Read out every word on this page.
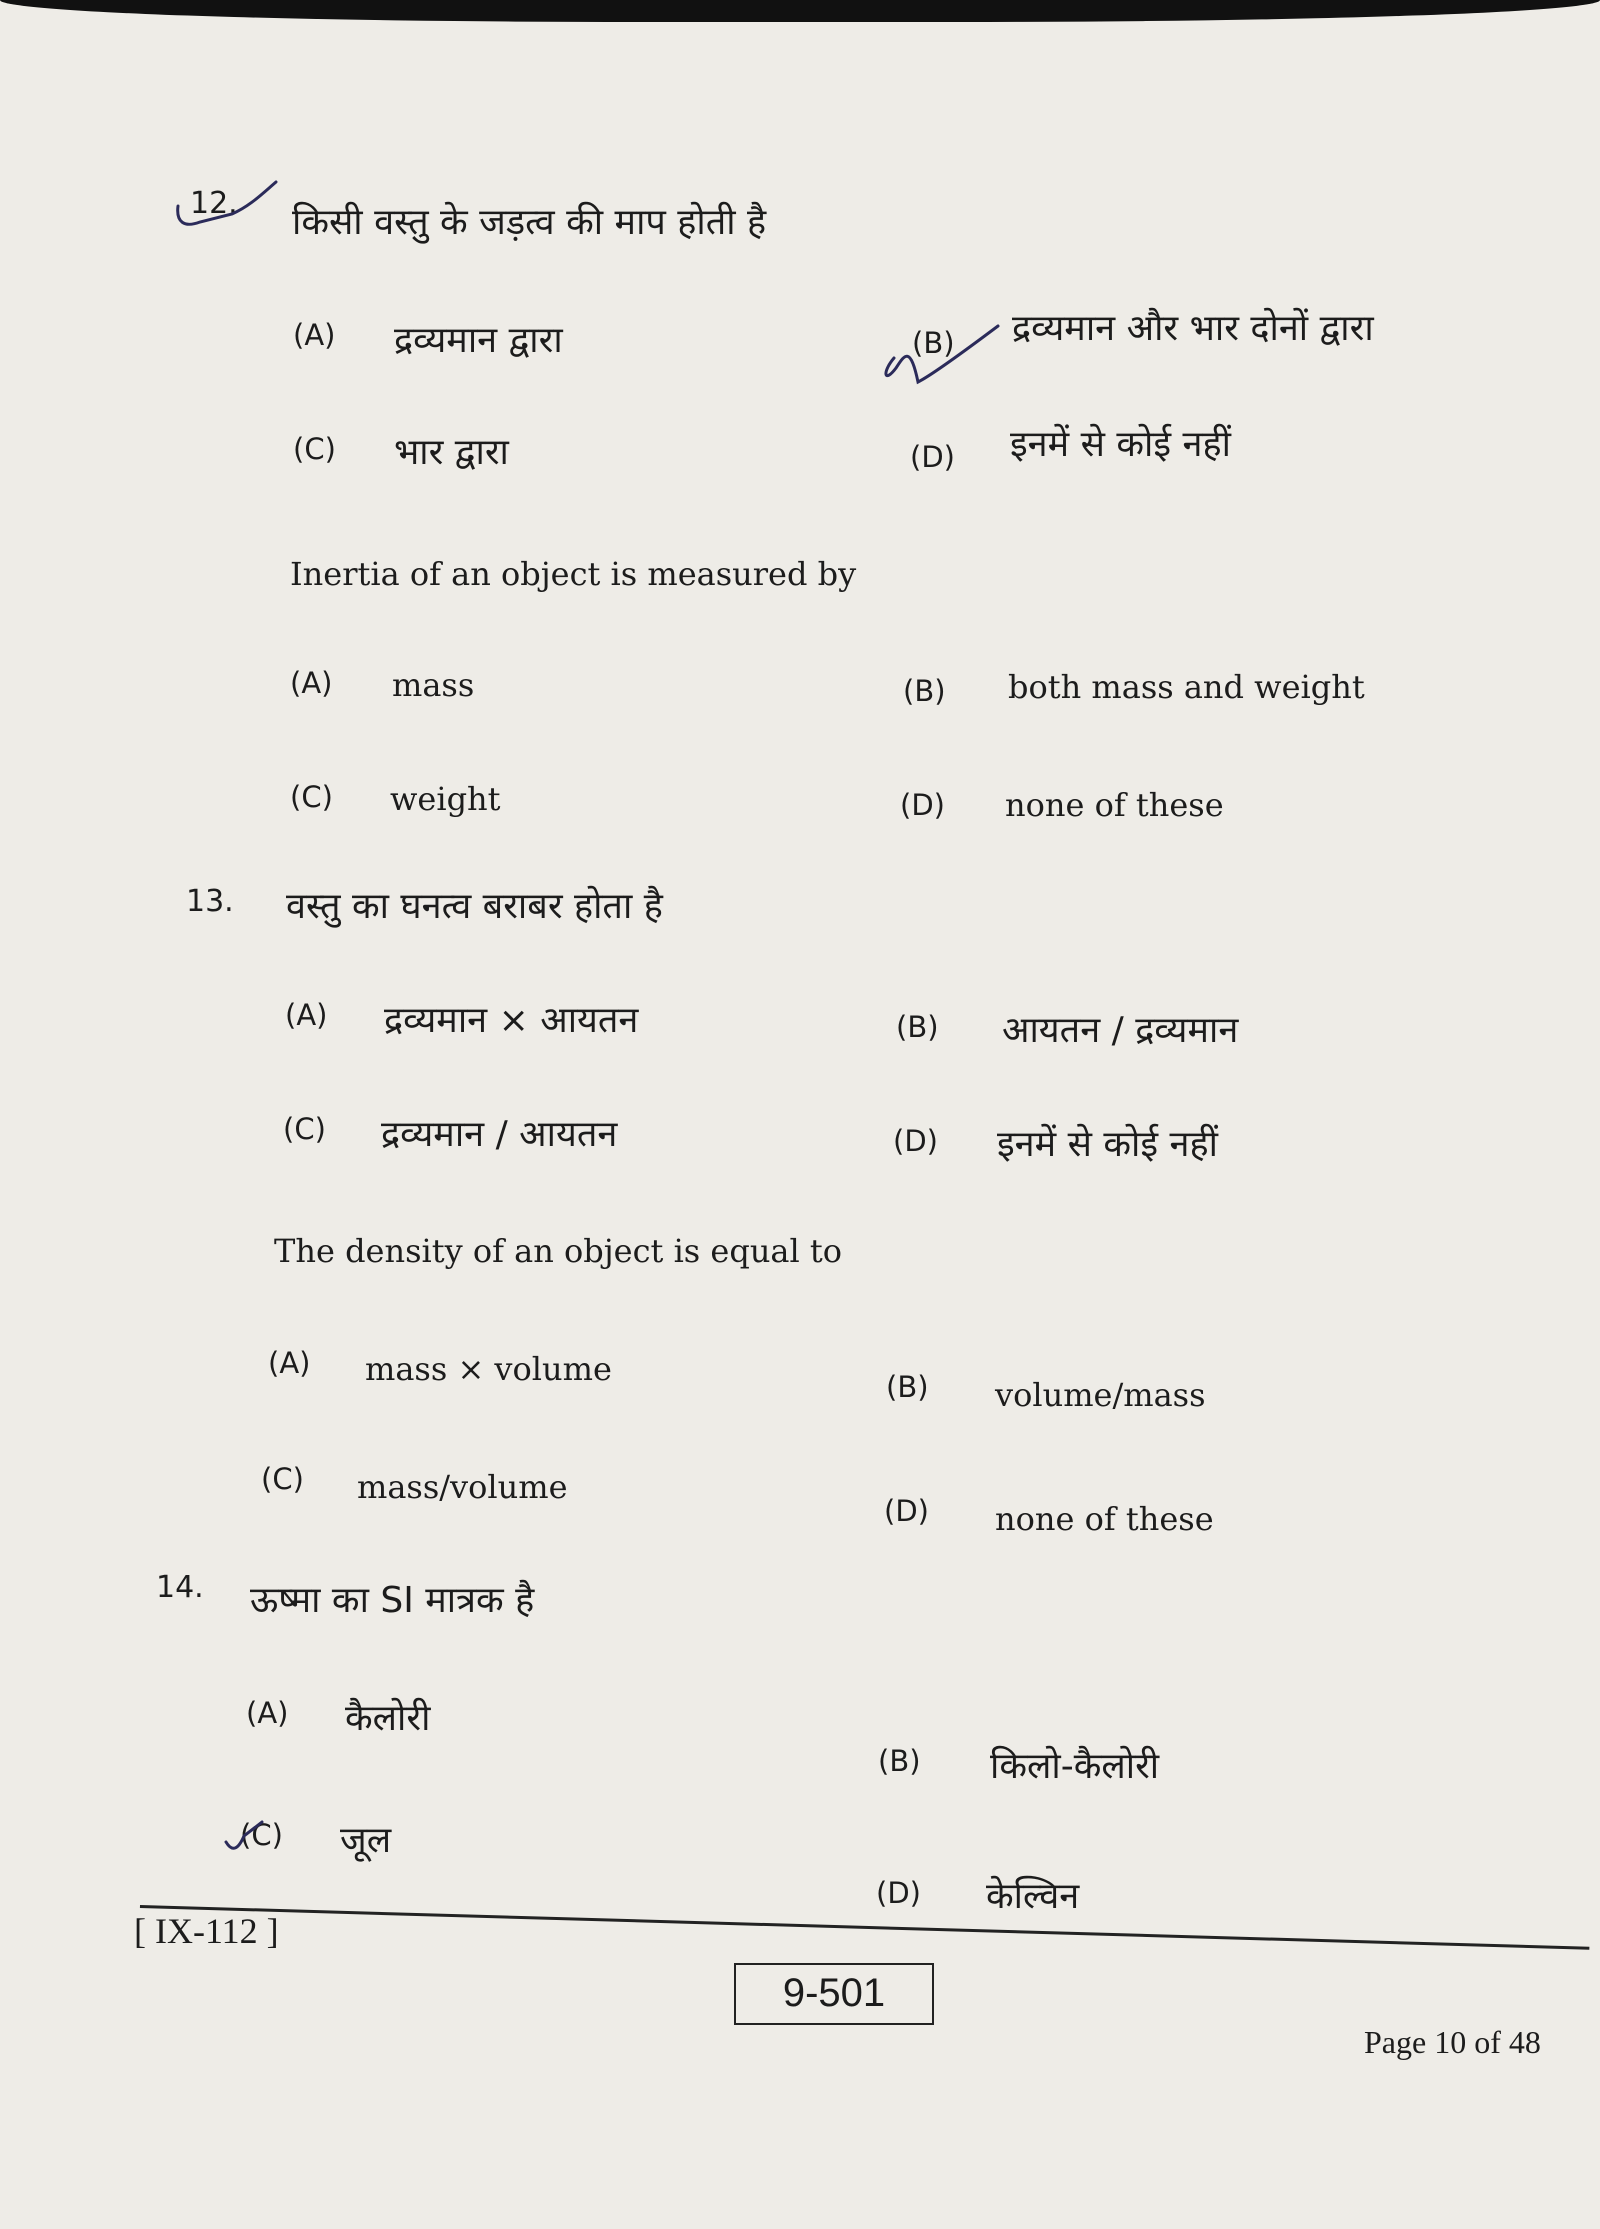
12. किसी वस्तु के जड़त्व की माप होती है
(A) द्रव्यमान द्वारा	(B) द्रव्यमान और भार दोनों द्वारा
(C) भार द्वारा	(D) इनमें से कोई नहीं
Inertia of an object is measured by
(A) mass	(B) both mass and weight
(C) weight	(D) none of these
13. वस्तु का घनत्व बराबर होता है
(A) द्रव्यमान × आयतन	(B) आयतन / द्रव्यमान
(C) द्रव्यमान / आयतन	(D) इनमें से कोई नहीं
The density of an object is equal to
(A) mass × volume	(B) volume/mass
(C) mass/volume
(D) none of these
14. ऊष्मा का SI मात्रक है
(A) कैलोरी
(B) किलो-कैलोरी
(C) जूल
(D) केल्विन
[ IX-112 ]
9-501
Page 10 of 48
